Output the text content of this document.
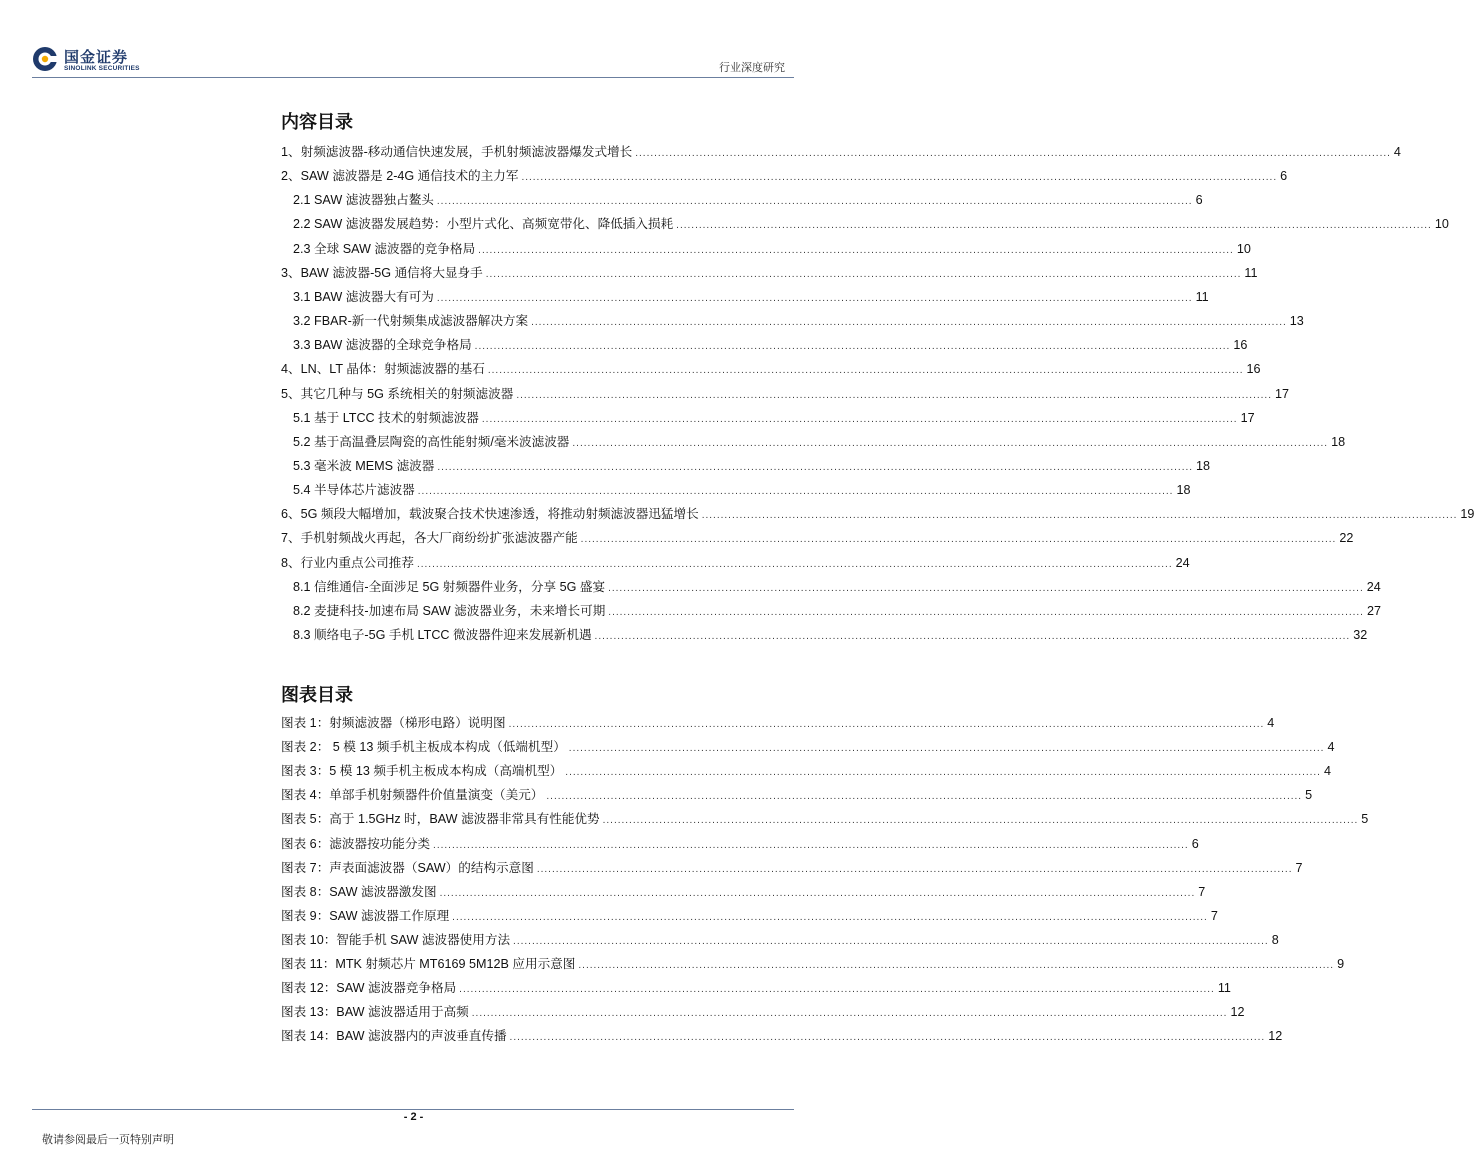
国金证券
SINOLINK SECURITIES	行业深度研究
内容目录
1、射频滤波器-移动通信快速发展，手机射频滤波器爆发式增长 ........................................................................................................................................................................................................ 4
2、SAW 滤波器是 2-4G 通信技术的主力军 ........................................................................................................................................................................................................ 6
2.1 SAW 滤波器独占鳌头 ........................................................................................................................................................................................................ 6
2.2 SAW 滤波器发展趋势：小型片式化、高频宽带化、降低插入损耗 ........................................................................................................................................................................................................ 10
2.3 全球 SAW 滤波器的竞争格局 ........................................................................................................................................................................................................ 10
3、BAW 滤波器-5G 通信将大显身手 ........................................................................................................................................................................................................ 11
3.1 BAW 滤波器大有可为 ........................................................................................................................................................................................................ 11
3.2 FBAR-新一代射频集成滤波器解决方案 ........................................................................................................................................................................................................ 13
3.3 BAW 滤波器的全球竞争格局 ........................................................................................................................................................................................................ 16
4、LN、LT 晶体：射频滤波器的基石 ........................................................................................................................................................................................................ 16
5、其它几种与 5G 系统相关的射频滤波器 ........................................................................................................................................................................................................ 17
5.1 基于 LTCC 技术的射频滤波器 ........................................................................................................................................................................................................ 17
5.2 基于高温叠层陶瓷的高性能射频/毫米波滤波器 ........................................................................................................................................................................................................ 18
5.3 毫米波 MEMS 滤波器 ........................................................................................................................................................................................................ 18
5.4 半导体芯片滤波器 ........................................................................................................................................................................................................ 18
6、5G 频段大幅增加，载波聚合技术快速渗透，将推动射频滤波器迅猛增长 ........................................................................................................................................................................................................ 19
7、手机射频战火再起，各大厂商纷纷扩张滤波器产能 ........................................................................................................................................................................................................ 22
8、行业内重点公司推荐 ........................................................................................................................................................................................................ 24
8.1 信维通信-全面涉足 5G 射频器件业务，分享 5G 盛宴 ........................................................................................................................................................................................................ 24
8.2 麦捷科技-加速布局 SAW 滤波器业务，未来增长可期 ........................................................................................................................................................................................................ 27
8.3 顺络电子-5G 手机 LTCC 微波器件迎来发展新机遇 ........................................................................................................................................................................................................ 32
图表目录
图表 1：射频滤波器（梯形电路）说明图 ........................................................................................................................................................................................................ 4
图表 2： 5 模 13 频手机主板成本构成（低端机型） ........................................................................................................................................................................................................ 4
图表 3：5 模 13 频手机主板成本构成（高端机型） ........................................................................................................................................................................................................ 4
图表 4：单部手机射频器件价值量演变（美元） ........................................................................................................................................................................................................ 5
图表 5：高于 1.5GHz 时，BAW 滤波器非常具有性能优势 ........................................................................................................................................................................................................ 5
图表 6：滤波器按功能分类 ........................................................................................................................................................................................................ 6
图表 7：声表面滤波器（SAW）的结构示意图 ........................................................................................................................................................................................................ 7
图表 8：SAW 滤波器激发图 ........................................................................................................................................................................................................ 7
图表 9：SAW 滤波器工作原理 ........................................................................................................................................................................................................ 7
图表 10：智能手机 SAW 滤波器使用方法 ........................................................................................................................................................................................................ 8
图表 11：MTK 射频芯片 MT6169 5M12B 应用示意图 ........................................................................................................................................................................................................ 9
图表 12：SAW 滤波器竞争格局 ........................................................................................................................................................................................................ 11
图表 13：BAW 滤波器适用于高频 ........................................................................................................................................................................................................ 12
图表 14：BAW 滤波器内的声波垂直传播 ........................................................................................................................................................................................................ 12
- 2 -
敬请参阅最后一页特别声明
